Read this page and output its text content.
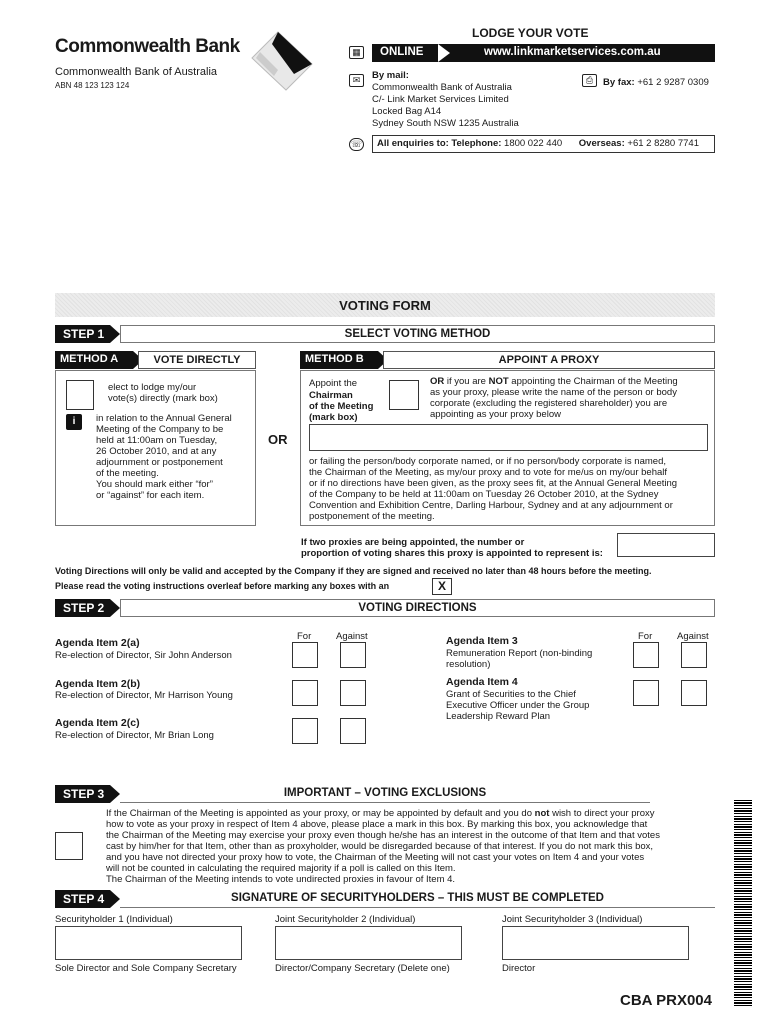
Commonwealth Bank
Commonwealth Bank of Australia
ABN 48 123 123 124
LODGE YOUR VOTE
▦ ONLINE	www.linkmarketservices.com.au
✉	By mail:
Commonwealth Bank of Australia
C/- Link Market Services Limited
Locked Bag A14
Sydney South NSW 1235 Australia
⎙	By fax: +61 2 9287 0309
☏	All enquiries to: Telephone: 1800 022 440 Overseas: +61 2 8280 7741
VOTING FORM
STEP 1	SELECT VOTING METHOD
METHOD A	VOTE DIRECTLY
elect to lodge my/our
vote(s) directly (mark box)
i	in relation to the Annual General
Meeting of the Company to be
held at 11:00am on Tuesday,
26 October 2010, and at any
adjournment or postponement
of the meeting.
You should mark either “for”
or “against” for each item.
OR
METHOD B	APPOINT A PROXY
Appoint the
Chairman
of the Meeting
(mark box)
OR if you are NOT appointing the Chairman of the Meeting
as your proxy, please write the name of the person or body
corporate (excluding the registered shareholder) you are
appointing as your proxy below
or failing the person/body corporate named, or if no person/body corporate is named,
the Chairman of the Meeting, as my/our proxy and to vote for me/us on my/our behalf
or if no directions have been given, as the proxy sees fit, at the Annual General Meeting
of the Company to be held at 11:00am on Tuesday 26 October 2010, at the Sydney
Convention and Exhibition Centre, Darling Harbour, Sydney and at any adjournment or
postponement of the meeting.
If two proxies are being appointed, the number or
proportion of voting shares this proxy is appointed to represent is:
Voting Directions will only be valid and accepted by the Company if they are signed and received no later than 48 hours before the meeting.
Please read the voting instructions overleaf before marking any boxes with an	X
STEP 2	VOTING DIRECTIONS
For	Against	For	Against
Agenda Item 2(a)
Re-election of Director, Sir John Anderson
Agenda Item 2(b)
Re-election of Director, Mr Harrison Young
Agenda Item 2(c)
Re-election of Director, Mr Brian Long
Agenda Item 3
Remuneration Report (non-binding
resolution)
Agenda Item 4
Grant of Securities to the Chief
Executive Officer under the Group
Leadership Reward Plan
STEP 3	IMPORTANT – VOTING EXCLUSIONS
If the Chairman of the Meeting is appointed as your proxy, or may be appointed by default and you do not wish to direct your proxy
how to vote as your proxy in respect of Item 4 above, please place a mark in this box. By marking this box, you acknowledge that
the Chairman of the Meeting may exercise your proxy even though he/she has an interest in the outcome of that Item and that votes
cast by him/her for that Item, other than as proxyholder, would be disregarded because of that interest. If you do not mark this box,
and you have not directed your proxy how to vote, the Chairman of the Meeting will not cast your votes on Item 4 and your votes
will not be counted in calculating the required majority if a poll is called on this Item.
The Chairman of the Meeting intends to vote undirected proxies in favour of Item 4.
STEP 4	SIGNATURE OF SECURITYHOLDERS – THIS MUST BE COMPLETED
Securityholder 1 (Individual)
Sole Director and Sole Company Secretary
Joint Securityholder 2 (Individual)
Director/Company Secretary (Delete one)
Joint Securityholder 3 (Individual)
Director
CBA PRX004
